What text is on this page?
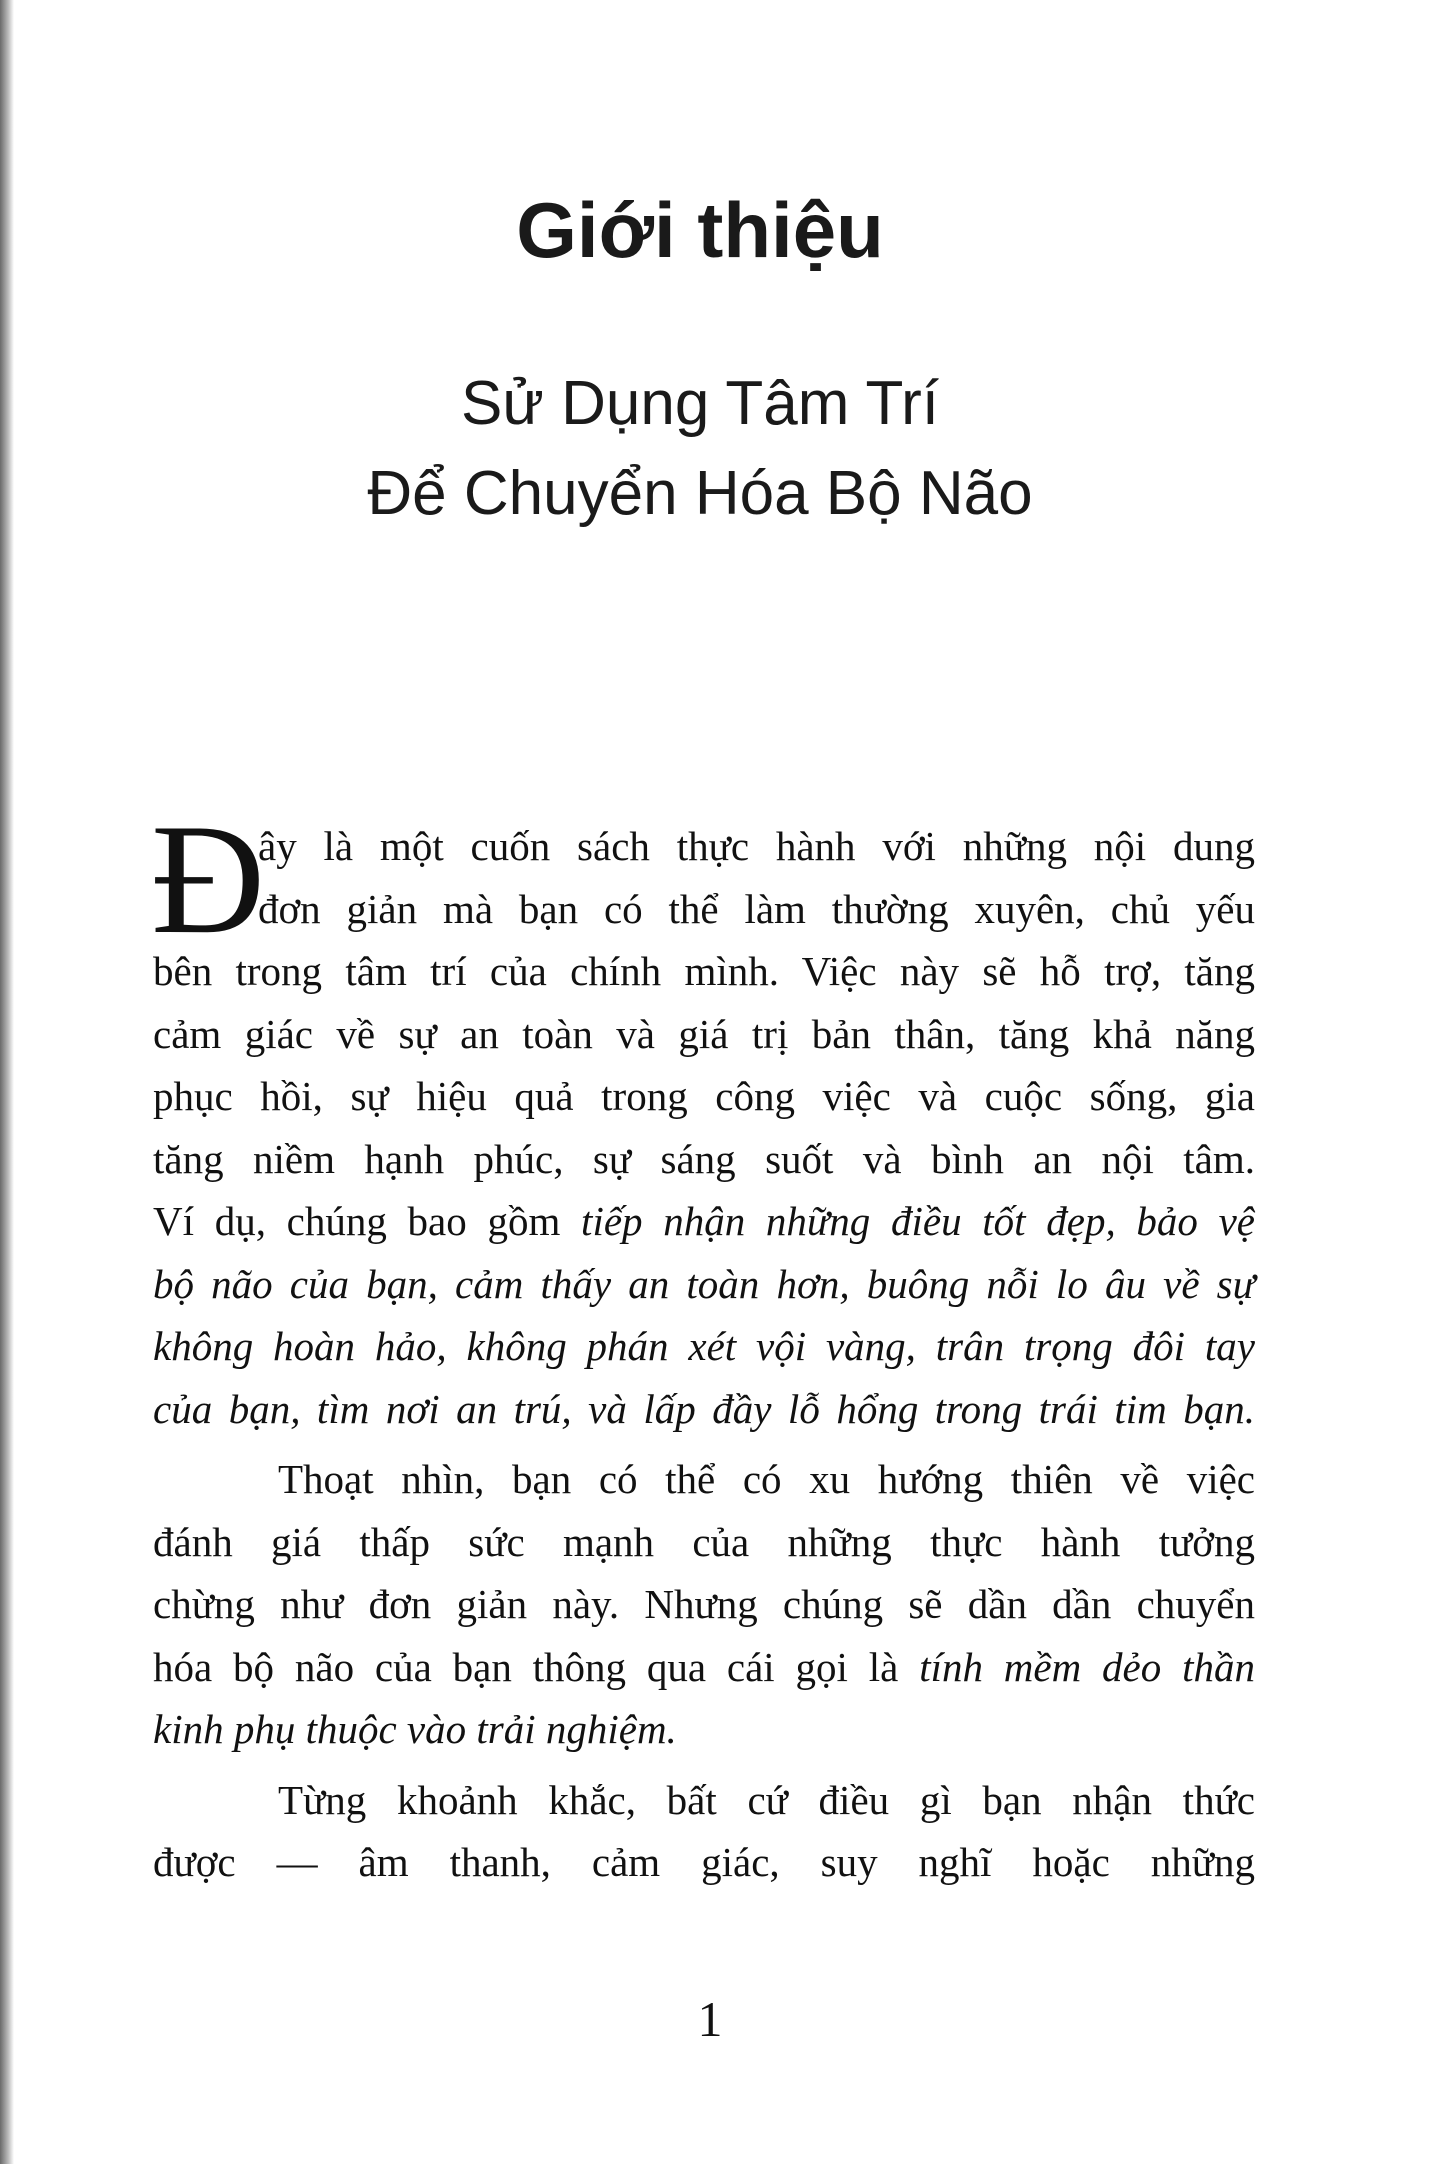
Giới thiệu
Sử Dụng Tâm Trí
Để Chuyển Hóa Bộ Não
Đ
ây là một cuốn sách thực hành với những nội dung
đơn giản mà bạn có thể làm thường xuyên, chủ yếu
bên trong tâm trí của chính mình. Việc này sẽ hỗ trợ, tăng
cảm giác về sự an toàn và giá trị bản thân, tăng khả năng
phục hồi, sự hiệu quả trong công việc và cuộc sống, gia
tăng niềm hạnh phúc, sự sáng suốt và bình an nội tâm.
Ví dụ, chúng bao gồm tiếp nhận những điều tốt đẹp, bảo vệ
bộ não của bạn, cảm thấy an toàn hơn, buông nỗi lo âu về sự
không hoàn hảo, không phán xét vội vàng, trân trọng đôi tay
của bạn, tìm nơi an trú, và lấp đầy lỗ hổng trong trái tim bạn.
Thoạt nhìn, bạn có thể có xu hướng thiên về việc
đánh giá thấp sức mạnh của những thực hành tưởng
chừng như đơn giản này. Nhưng chúng sẽ dần dần chuyển
hóa bộ não của bạn thông qua cái gọi là tính mềm dẻo thần
kinh phụ thuộc vào trải nghiệm.
Từng khoảnh khắc, bất cứ điều gì bạn nhận thức
được — âm thanh, cảm giác, suy nghĩ hoặc những
1
